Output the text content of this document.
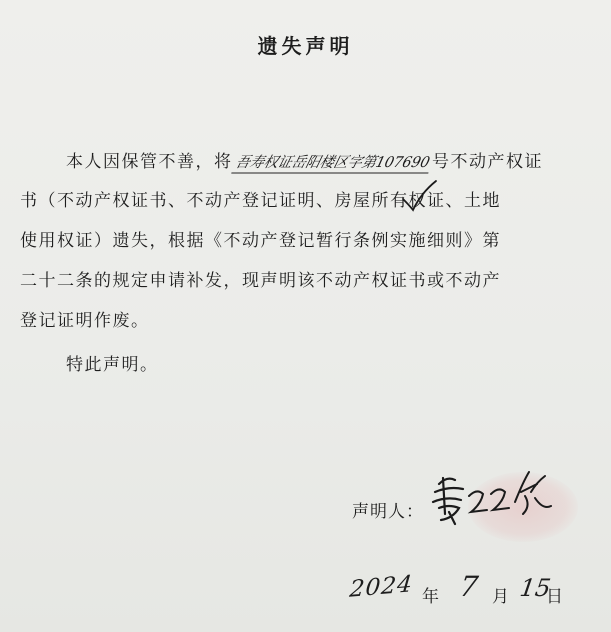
遗失声明
本人因保管不善，将吾寿权证岳阳楼区字第107690号不动产权证
书（不动产权证书、不动产登记证明、房屋所有权
证、土地
使用权证）遗失，根据《不动产登记暂行条例实施细则》第
二十二条的规定申请补发，现声明该不动产权证书或不动产
登记证明作废。
特此声明。
声明人：
2024 年 7 月 15
日
